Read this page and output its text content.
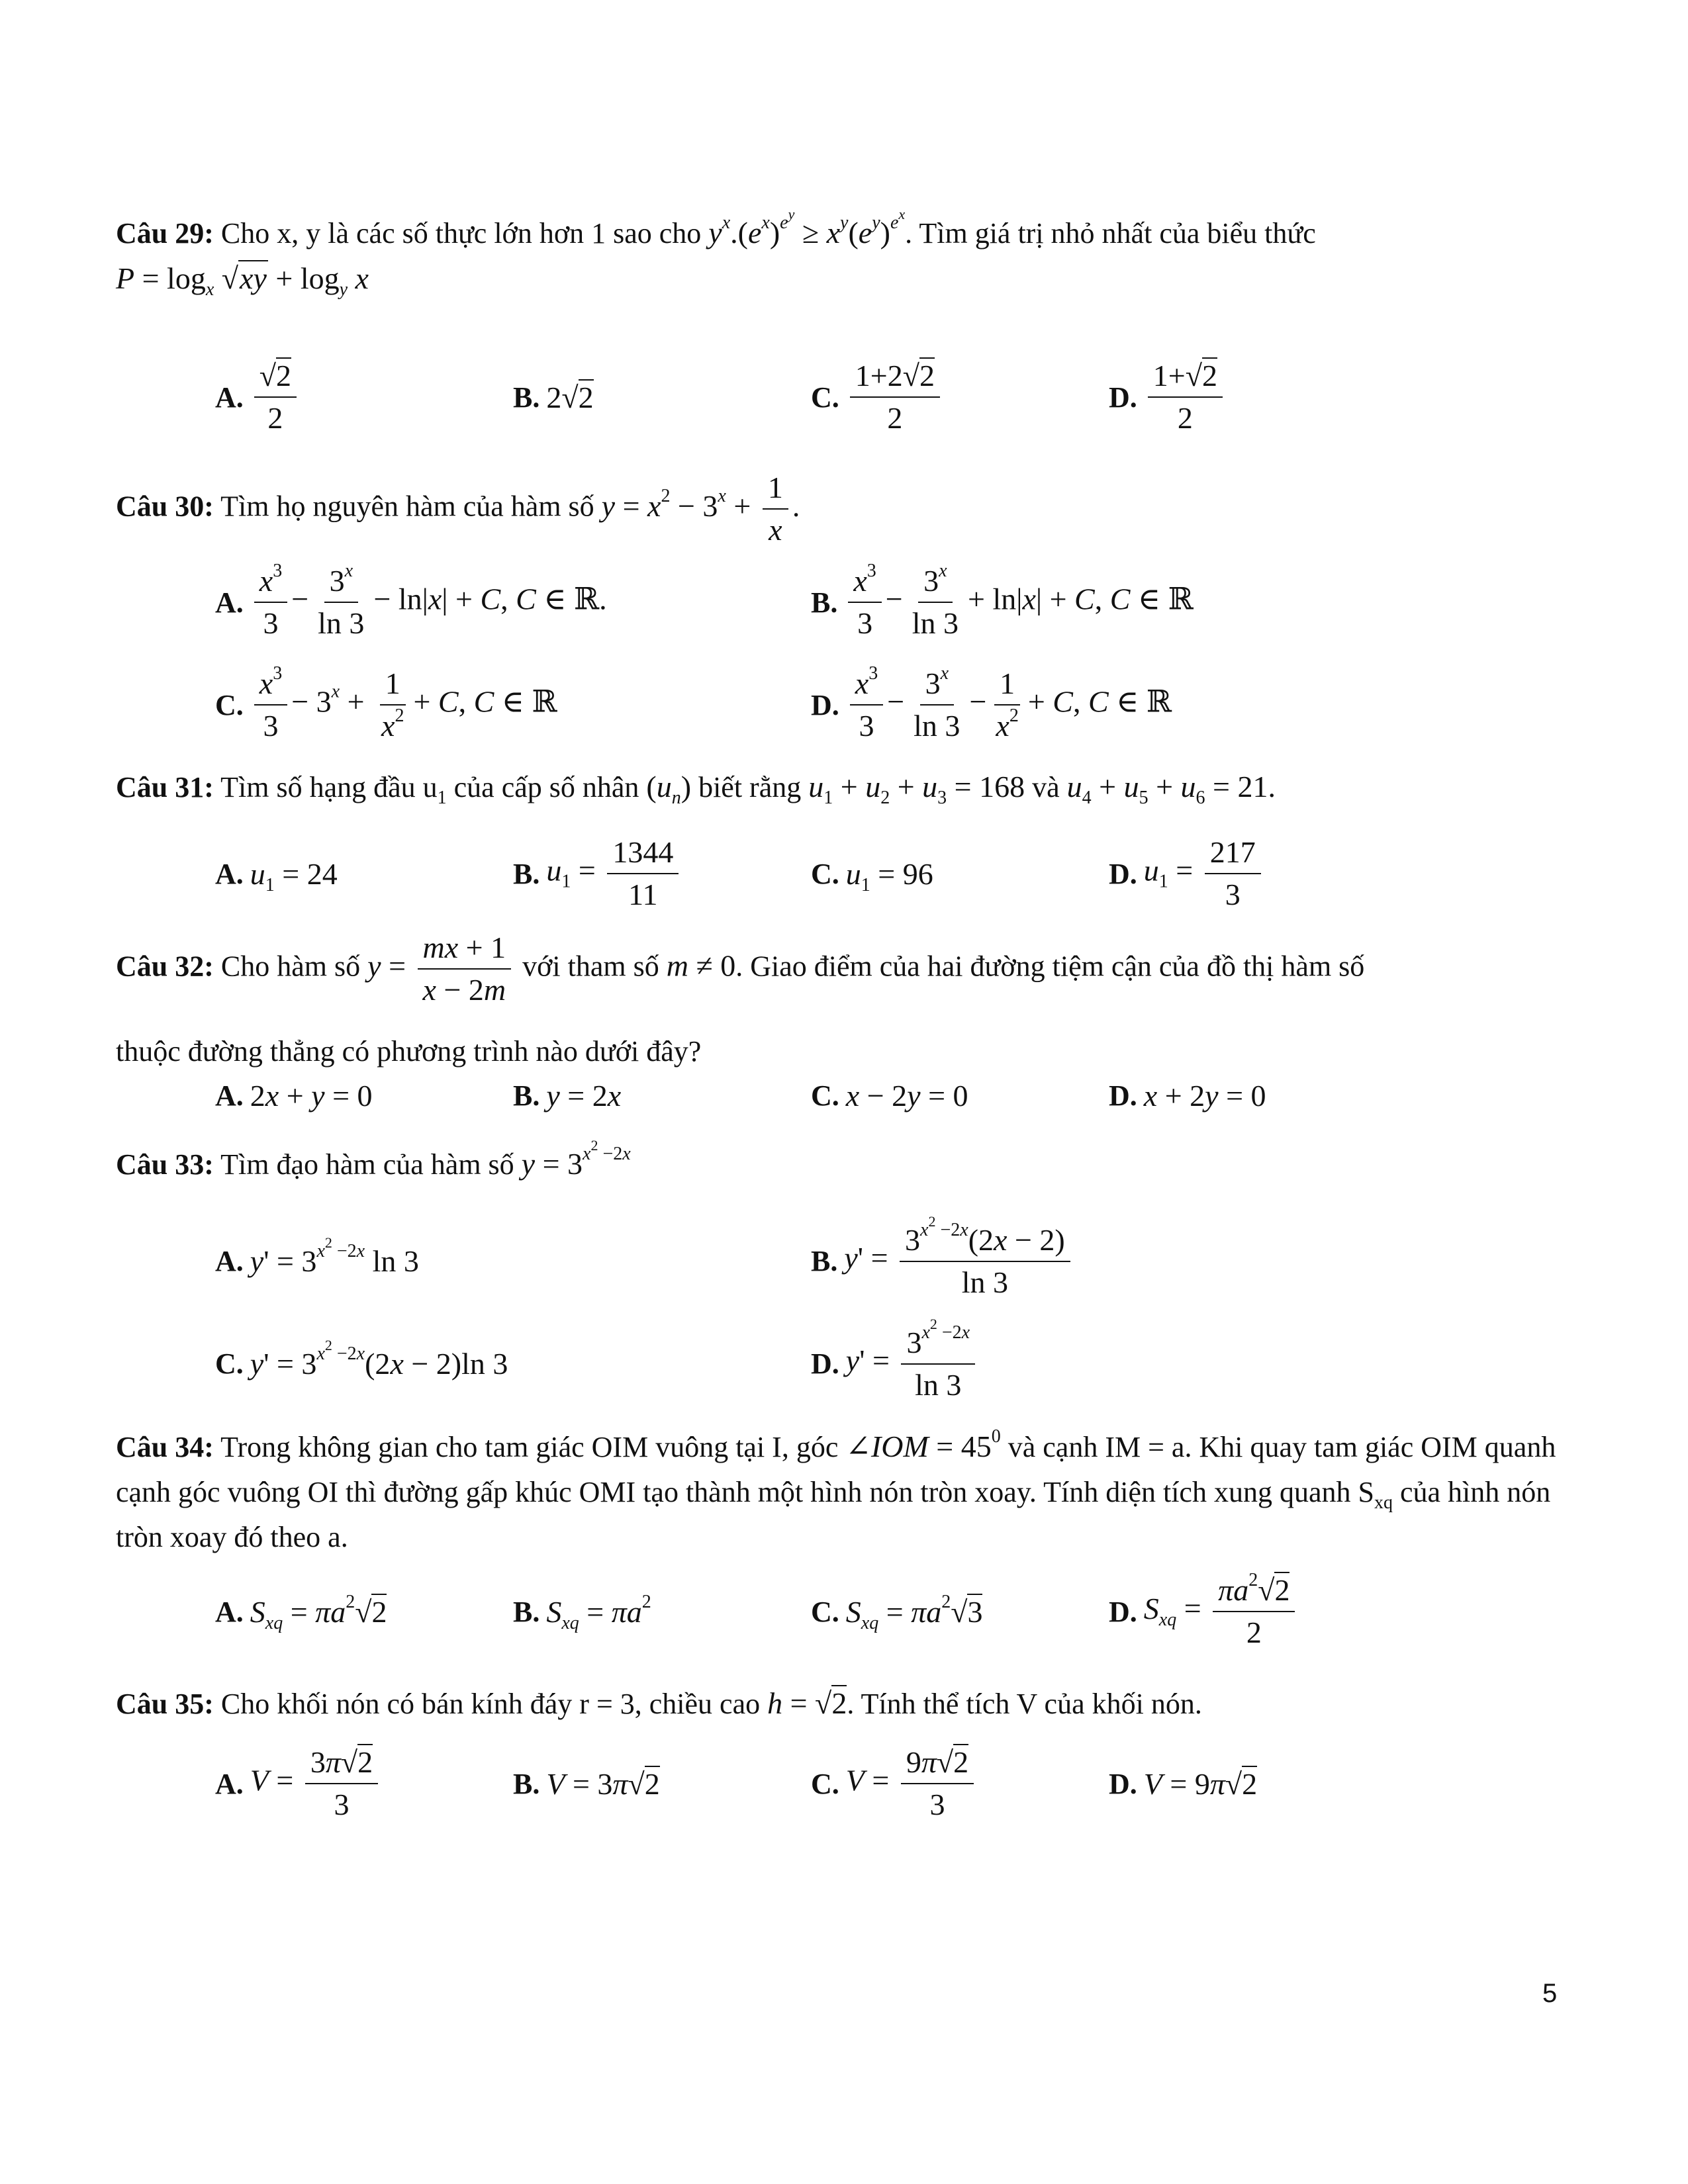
Câu 29: Cho x, y là các số thực lớn hơn 1 sao cho $y^x.(e^x)^{e^y} \ge x^y(e^y)^{e^x}$. Tìm giá trị nhỏ nhất của biểu thức
$P = \log_x √xy + \log_y x$
A. $\frac{√2}{2}$	B. 2√2	C. $\frac{1+2√2}{2}$	D. $\frac{1+√2}{2}$
Câu 30: Tìm họ nguyên hàm của hàm số $y = x^2 - 3^x + \frac{1}{x}$ .
A. $\frac{x^3}{3} - \frac{3^x}{\ln 3} - \ln|x| + C$, C ∈ ℝ.	B. $\frac{x^3}{3} - \frac{3^x}{\ln 3} + \ln|x| + C$, C ∈ ℝ
C. $\frac{x^3}{3} - 3^x + \frac{1}{x^2} + C$, C ∈ ℝ	D. $\frac{x^3}{3} - \frac{3^x}{\ln 3} - \frac{1}{x^2} + C$, C ∈ ℝ
Câu 31: Tìm số hạng đầu $u_1$ của cấp số nhân $(u_n)$ biết rằng $u_1 + u_2 + u_3 = 168$ và $u_4 + u_5 + u_6 = 21$.
A. $u_1 = 24$	B. $u_1 = \frac{1344}{11}$	C. $u_1 = 96$	D. $u_1 = \frac{217}{3}$
Câu 32: Cho hàm số $y = \frac{mx + 1}{x - 2m}$ với tham số m ≠ 0. Giao điểm của hai đường tiệm cận của đồ thị hàm số
thuộc đường thẳng có phương trình nào dưới đây?
A. 2x + y = 0	B. y = 2x	C. x − 2y = 0	D. x + 2y = 0
Câu 33: Tìm đạo hàm của hàm số $y = 3^{x^2 -2x}$
A. $y' = 3^{x^2 -2x}$ ln 3	B. $y' = \frac{3^{x^2 -2x}(2x - 2)}{\ln 3}$
C. $y' = 3^{x^2 -2x}(2x - 2)\ln$ 3	D. $y' = \frac{3^{x^2 -2x}}{\ln 3}$
Câu 34: Trong không gian cho tam giác OIM vuông tại I, góc ∠IOM = $45^0$ và cạnh IM = a. Khi quay tam giác OIM quanh cạnh góc vuông OI thì đường gấp khúc OMI tạo thành một hình nón tròn xoay. Tính diện tích xung quanh $S_{xq}$ của hình nón tròn xoay đó theo a.
A. $S_{xq} = \pi a^2√2$	B. $S_{xq} = \pi a^2$	C. $S_{xq} = \pi a^2√3$	D. $S_{xq} = \frac{\pi a^2√2}{2}$
Câu 35: Cho khối nón có bán kính đáy r = 3, chiều cao h = √2. Tính thể tích V của khối nón.
A. $V = \frac{3\pi√2}{3}$	B. V = 3π√2	C. $V = \frac{9\pi√2}{3}$	D. V = 9π√2
5
